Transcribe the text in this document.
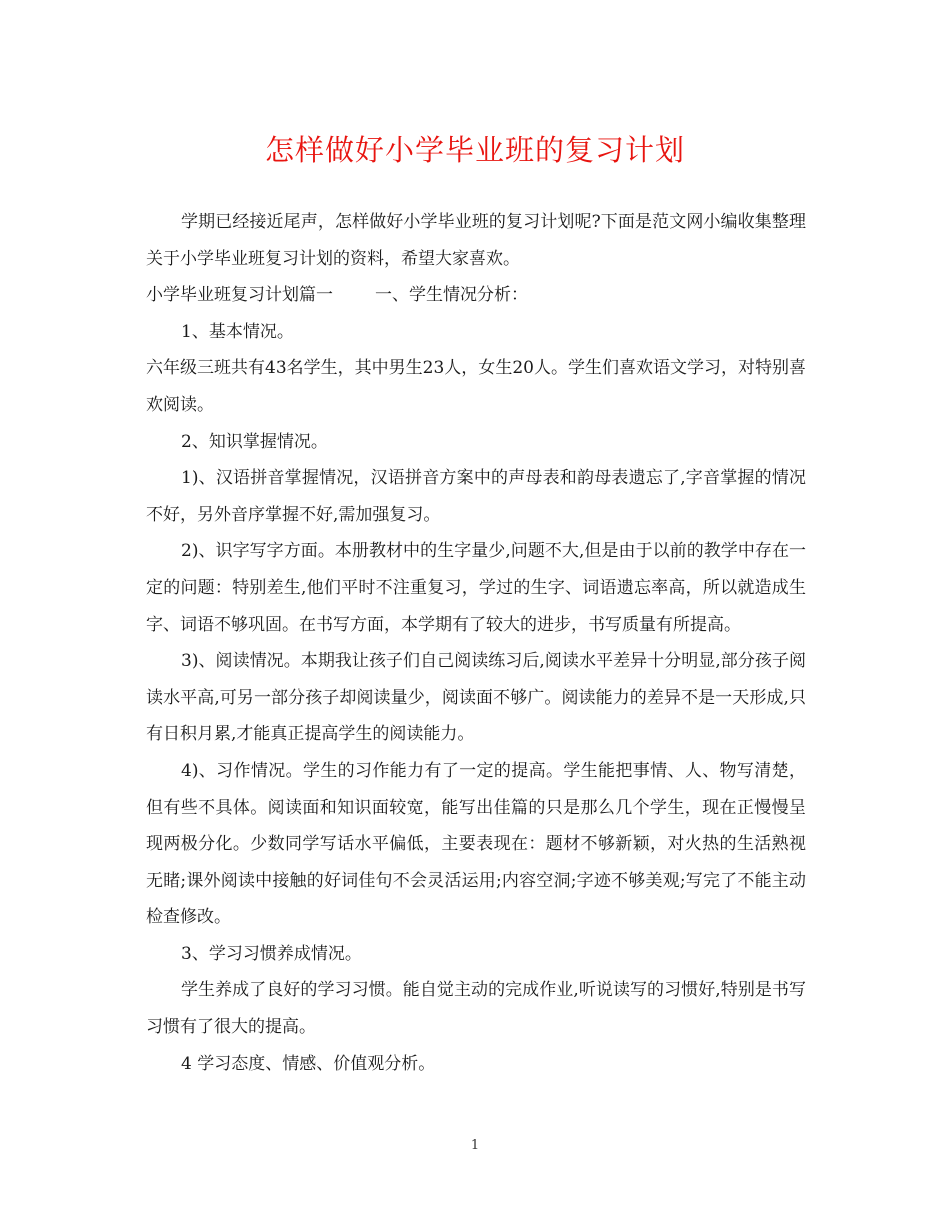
怎样做好小学毕业班的复习计划

学期已经接近尾声，怎样做好小学毕业班的复习计划呢?下面是范文网小编收集整理关于小学毕业班复习计划的资料，希望大家喜欢。

小学毕业班复习计划篇一 一、学生情况分析：

1、基本情况。

六年级三班共有43名学生，其中男生23人，女生20人。学生们喜欢语文学习，对特别喜欢阅读。

2、知识掌握情况。

1)、汉语拼音掌握情况，汉语拼音方案中的声母表和韵母表遗忘了,字音掌握的情况不好，另外音序掌握不好,需加强复习。

2)、识字写字方面。本册教材中的生字量少,问题不大,但是由于以前的教学中存在一定的问题：特别差生,他们平时不注重复习，学过的生字、词语遗忘率高，所以就造成生字、词语不够巩固。在书写方面，本学期有了较大的进步，书写质量有所提高。

3)、阅读情况。本期我让孩子们自己阅读练习后,阅读水平差异十分明显,部分孩子阅读水平高,可另一部分孩子却阅读量少，阅读面不够广。阅读能力的差异不是一天形成,只有日积月累,才能真正提高学生的阅读能力。

4)、习作情况。学生的习作能力有了一定的提高。学生能把事情、人、物写清楚，但有些不具体。阅读面和知识面较宽，能写出佳篇的只是那么几个学生，现在正慢慢呈现两极分化。少数同学写话水平偏低，主要表现在：题材不够新颖，对火热的生活熟视无睹;课外阅读中接触的好词佳句不会灵活运用;内容空洞;字迹不够美观;写完了不能主动检查修改。

3、学习习惯养成情况。

学生养成了良好的学习习惯。能自觉主动的完成作业,听说读写的习惯好,特别是书写习惯有了很大的提高。

4 学习态度、情感、价值观分析。

1
